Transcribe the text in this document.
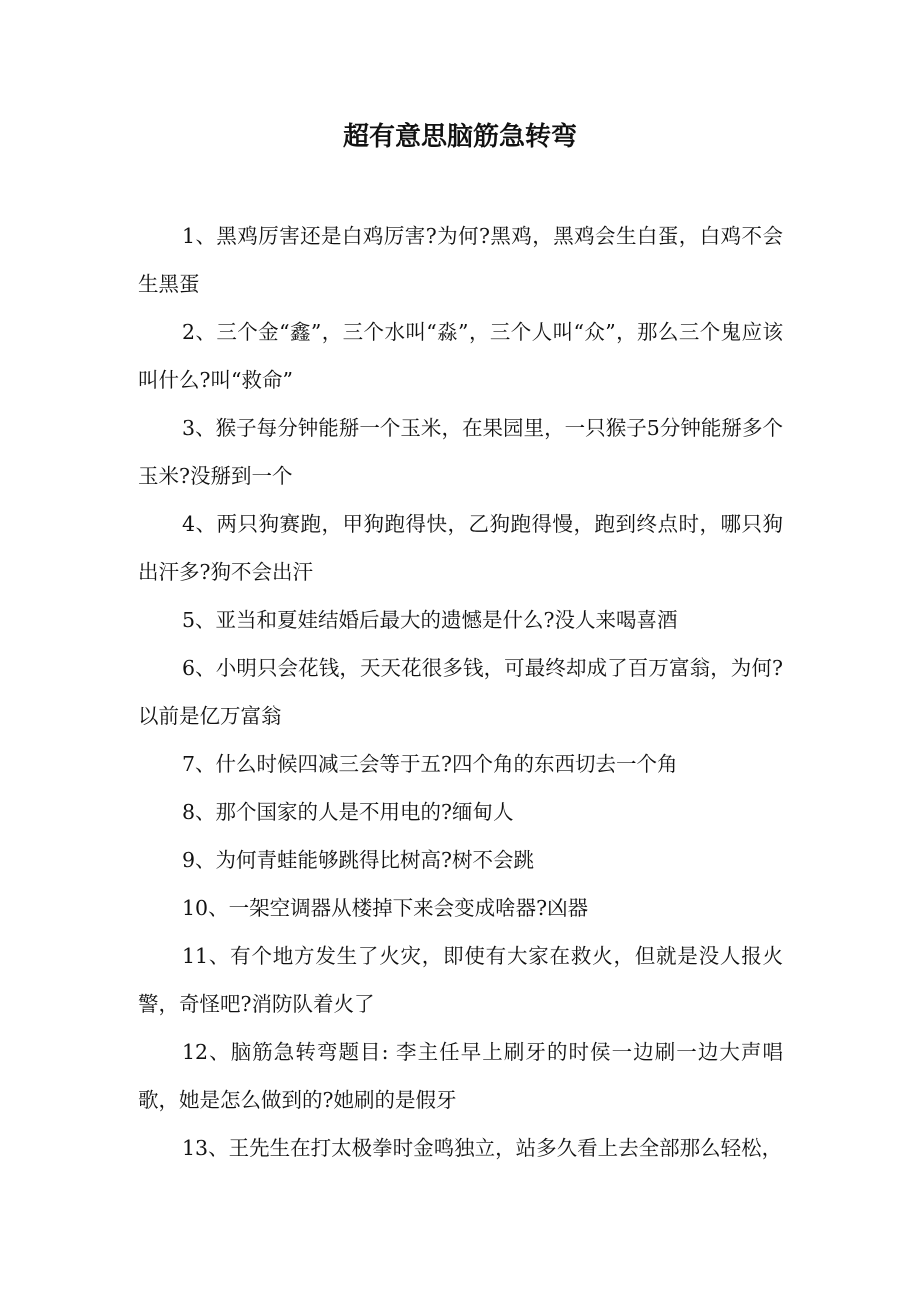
超有意思脑筋急转弯

1、黑鸡厉害还是白鸡厉害?为何?黑鸡，黑鸡会生白蛋，白鸡不会生黑蛋

2、三个金“鑫”，三个水叫“淼”，三个人叫“众”，那么三个鬼应该叫什么?叫“救命”

3、猴子每分钟能掰一个玉米，在果园里，一只猴子5分钟能掰多个玉米?没掰到一个

4、两只狗赛跑，甲狗跑得快，乙狗跑得慢，跑到终点时，哪只狗出汗多?狗不会出汗

5、亚当和夏娃结婚后最大的遗憾是什么?没人来喝喜酒

6、小明只会花钱，天天花很多钱，可最终却成了百万富翁，为何?以前是亿万富翁

7、什么时候四减三会等于五?四个角的东西切去一个角

8、那个国家的人是不用电的?缅甸人

9、为何青蛙能够跳得比树高?树不会跳

10、一架空调器从楼掉下来会变成啥器?凶器

11、有个地方发生了火灾，即使有大家在救火，但就是没人报火警，奇怪吧?消防队着火了

12、脑筋急转弯题目: 李主任早上刷牙的时侯一边刷一边大声唱歌，她是怎么做到的?她刷的是假牙

13、王先生在打太极拳时金鸣独立，站多久看上去全部那么轻松，
